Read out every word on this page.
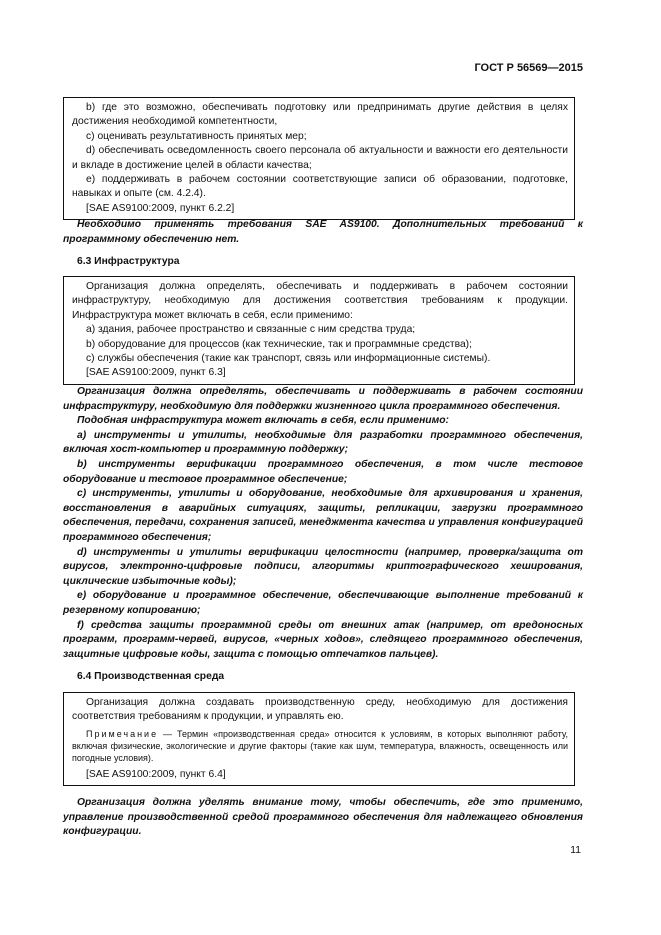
ГОСТ Р 56569—2015

b) где это возможно, обеспечивать подготовку или предпринимать другие действия в целях достижения необходимой компетентности,

c) оценивать результативность принятых мер;

d) обеспечивать осведомленность своего персонала об актуальности и важности его деятельности и вкладе в достижение целей в области качества;

e) поддерживать в рабочем состоянии соответствующие записи об образовании, подготовке, навыках и опыте (см. 4.2.4).

[SAE AS9100:2009, пункт 6.2.2]

Необходимо применять требования SAE AS9100. Дополнительных требований к программному обеспечению нет.

6.3 Инфраструктура

Организация должна определять, обеспечивать и поддерживать в рабочем состоянии инфраструктуру, необходимую для достижения соответствия требованиям к продукции. Инфраструктура может включать в себя, если применимо:

a) здания, рабочее пространство и связанные с ним средства труда;

b) оборудование для процессов (как технические, так и программные средства);

c) службы обеспечения (такие как транспорт, связь или информационные системы).

[SAE AS9100:2009, пункт 6.3]

Организация должна определять, обеспечивать и поддерживать в рабочем состоянии инфраструктуру, необходимую для поддержки жизненного цикла программного обеспечения.

Подобная инфраструктура может включать в себя, если применимо:

a) инструменты и утилиты, необходимые для разработки программного обеспечения, включая хост-компьютер и программную поддержку;

b) инструменты верификации программного обеспечения, в том числе тестовое оборудование и тестовое программное обеспечение;

c) инструменты, утилиты и оборудование, необходимые для архивирования и хранения, восстановления в аварийных ситуациях, защиты, репликации, загрузки программного обеспечения, передачи, сохранения записей, менеджмента качества и управления конфигурацией программного обеспечения;

d) инструменты и утилиты верификации целостности (например, проверка/защита от вирусов, электронно-цифровые подписи, алгоритмы криптографического хеширования, циклические избыточные коды);

e) оборудование и программное обеспечение, обеспечивающие выполнение требований к резервному копированию;

f) средства защиты программной среды от внешних атак (например, от вредоносных программ, программ-червей, вирусов, «черных ходов», следящего программного обеспечения, защитные цифровые коды, защита с помощью отпечатков пальцев).

6.4 Производственная среда

Организация должна создавать производственную среду, необходимую для достижения соответствия требованиям к продукции, и управлять ею.

Примечание — Термин «производственная среда» относится к условиям, в которых выполняют работу, включая физические, экологические и другие факторы (такие как шум, температура, влажность, освещенность или погодные условия).

[SAE AS9100:2009, пункт 6.4]

Организация должна уделять внимание тому, чтобы обеспечить, где это применимо, управление производственной средой программного обеспечения для надлежащего обновления конфигурации.

11
